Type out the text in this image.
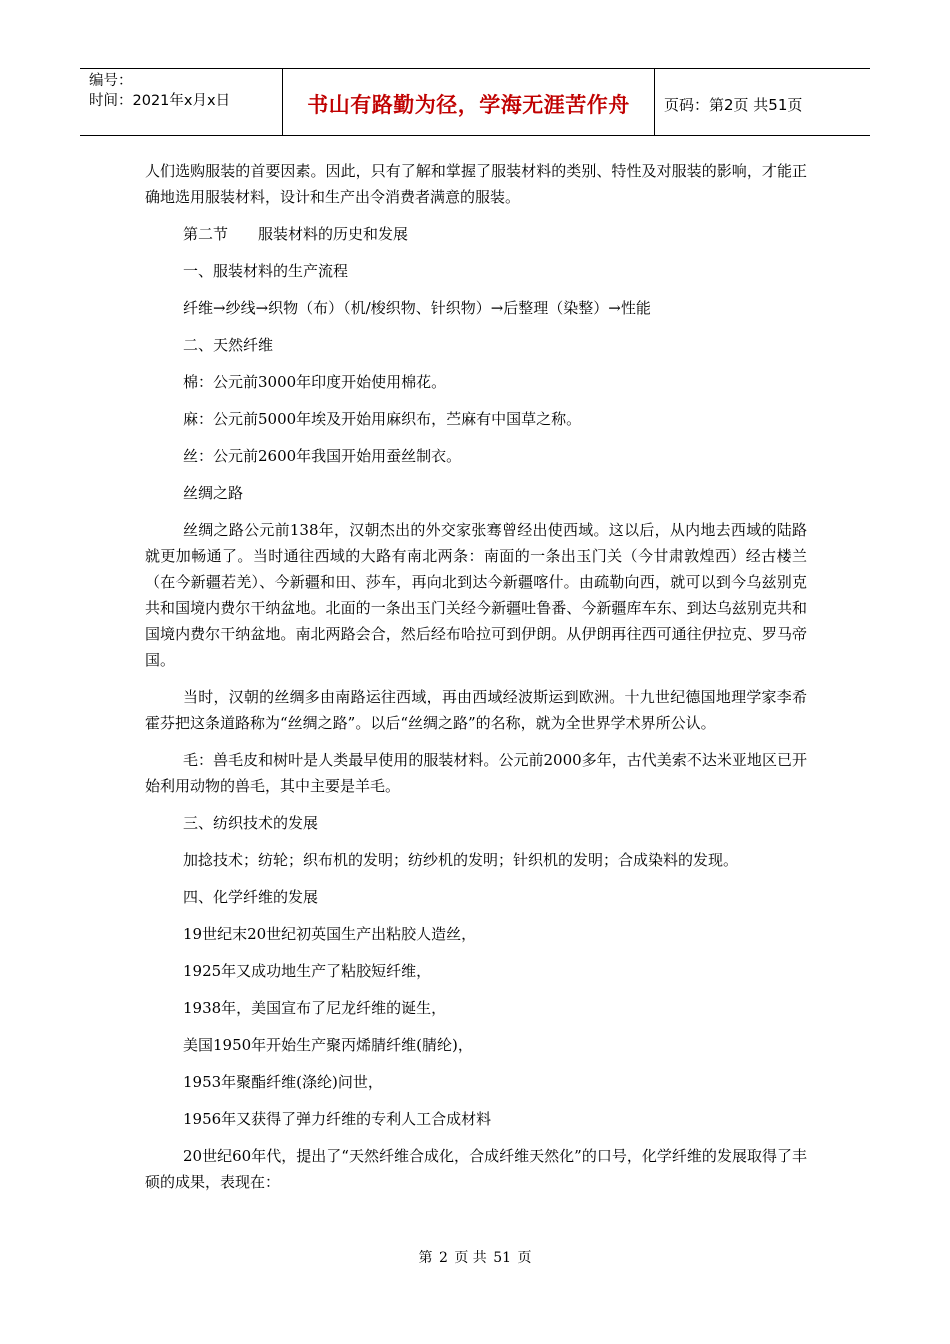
编号：
时间：2021年x月x日	书山有路勤为径，学海无涯苦作舟 页码：第2页 共51页

人们选购服装的首要因素。因此，只有了解和掌握了服装材料的类别、特性及对服装的影响，才能正确地选用服装材料，设计和生产出令消费者满意的服装。

第二节　　服装材料的历史和发展

一、服装材料的生产流程

纤维→纱线→织物（布）（机/梭织物、针织物）→后整理（染整）→性能

二、天然纤维

棉：公元前3000年印度开始使用棉花。

麻：公元前5000年埃及开始用麻织布，苎麻有中国草之称。

丝：公元前2600年我国开始用蚕丝制衣。

丝绸之路

丝绸之路公元前138年，汉朝杰出的外交家张骞曾经出使西域。这以后，从内地去西域的陆路就更加畅通了。当时通往西域的大路有南北两条：南面的一条出玉门关（今甘肃敦煌西）经古楼兰（在今新疆若羌）、今新疆和田、莎车，再向北到达今新疆喀什。由疏勒向西，就可以到今乌兹别克共和国境内费尔干纳盆地。北面的一条出玉门关经今新疆吐鲁番、今新疆库车东、到达乌兹别克共和国境内费尔干纳盆地。南北两路会合，然后经布哈拉可到伊朗。从伊朗再往西可通往伊拉克、罗马帝国。

当时，汉朝的丝绸多由南路运往西域，再由西域经波斯运到欧洲。十九世纪德国地理学家李希霍芬把这条道路称为“丝绸之路”。以后“丝绸之路”的名称，就为全世界学术界所公认。

毛：兽毛皮和树叶是人类最早使用的服装材料。公元前2000多年，古代美索不达米亚地区已开始利用动物的兽毛，其中主要是羊毛。

三、纺织技术的发展

加捻技术；纺轮；织布机的发明；纺纱机的发明；针织机的发明；合成染料的发现。

四、化学纤维的发展

19世纪末20世纪初英国生产出粘胶人造丝，

1925年又成功地生产了粘胶短纤维，

1938年，美国宣布了尼龙纤维的诞生，

美国1950年开始生产聚丙烯腈纤维(腈纶)，

1953年聚酯纤维(涤纶)问世，

1956年又获得了弹力纤维的专利人工合成材料

20世纪60年代，提出了“天然纤维合成化，合成纤维天然化”的口号，化学纤维的发展取得了丰硕的成果，表现在：

第 2 页 共 51 页
